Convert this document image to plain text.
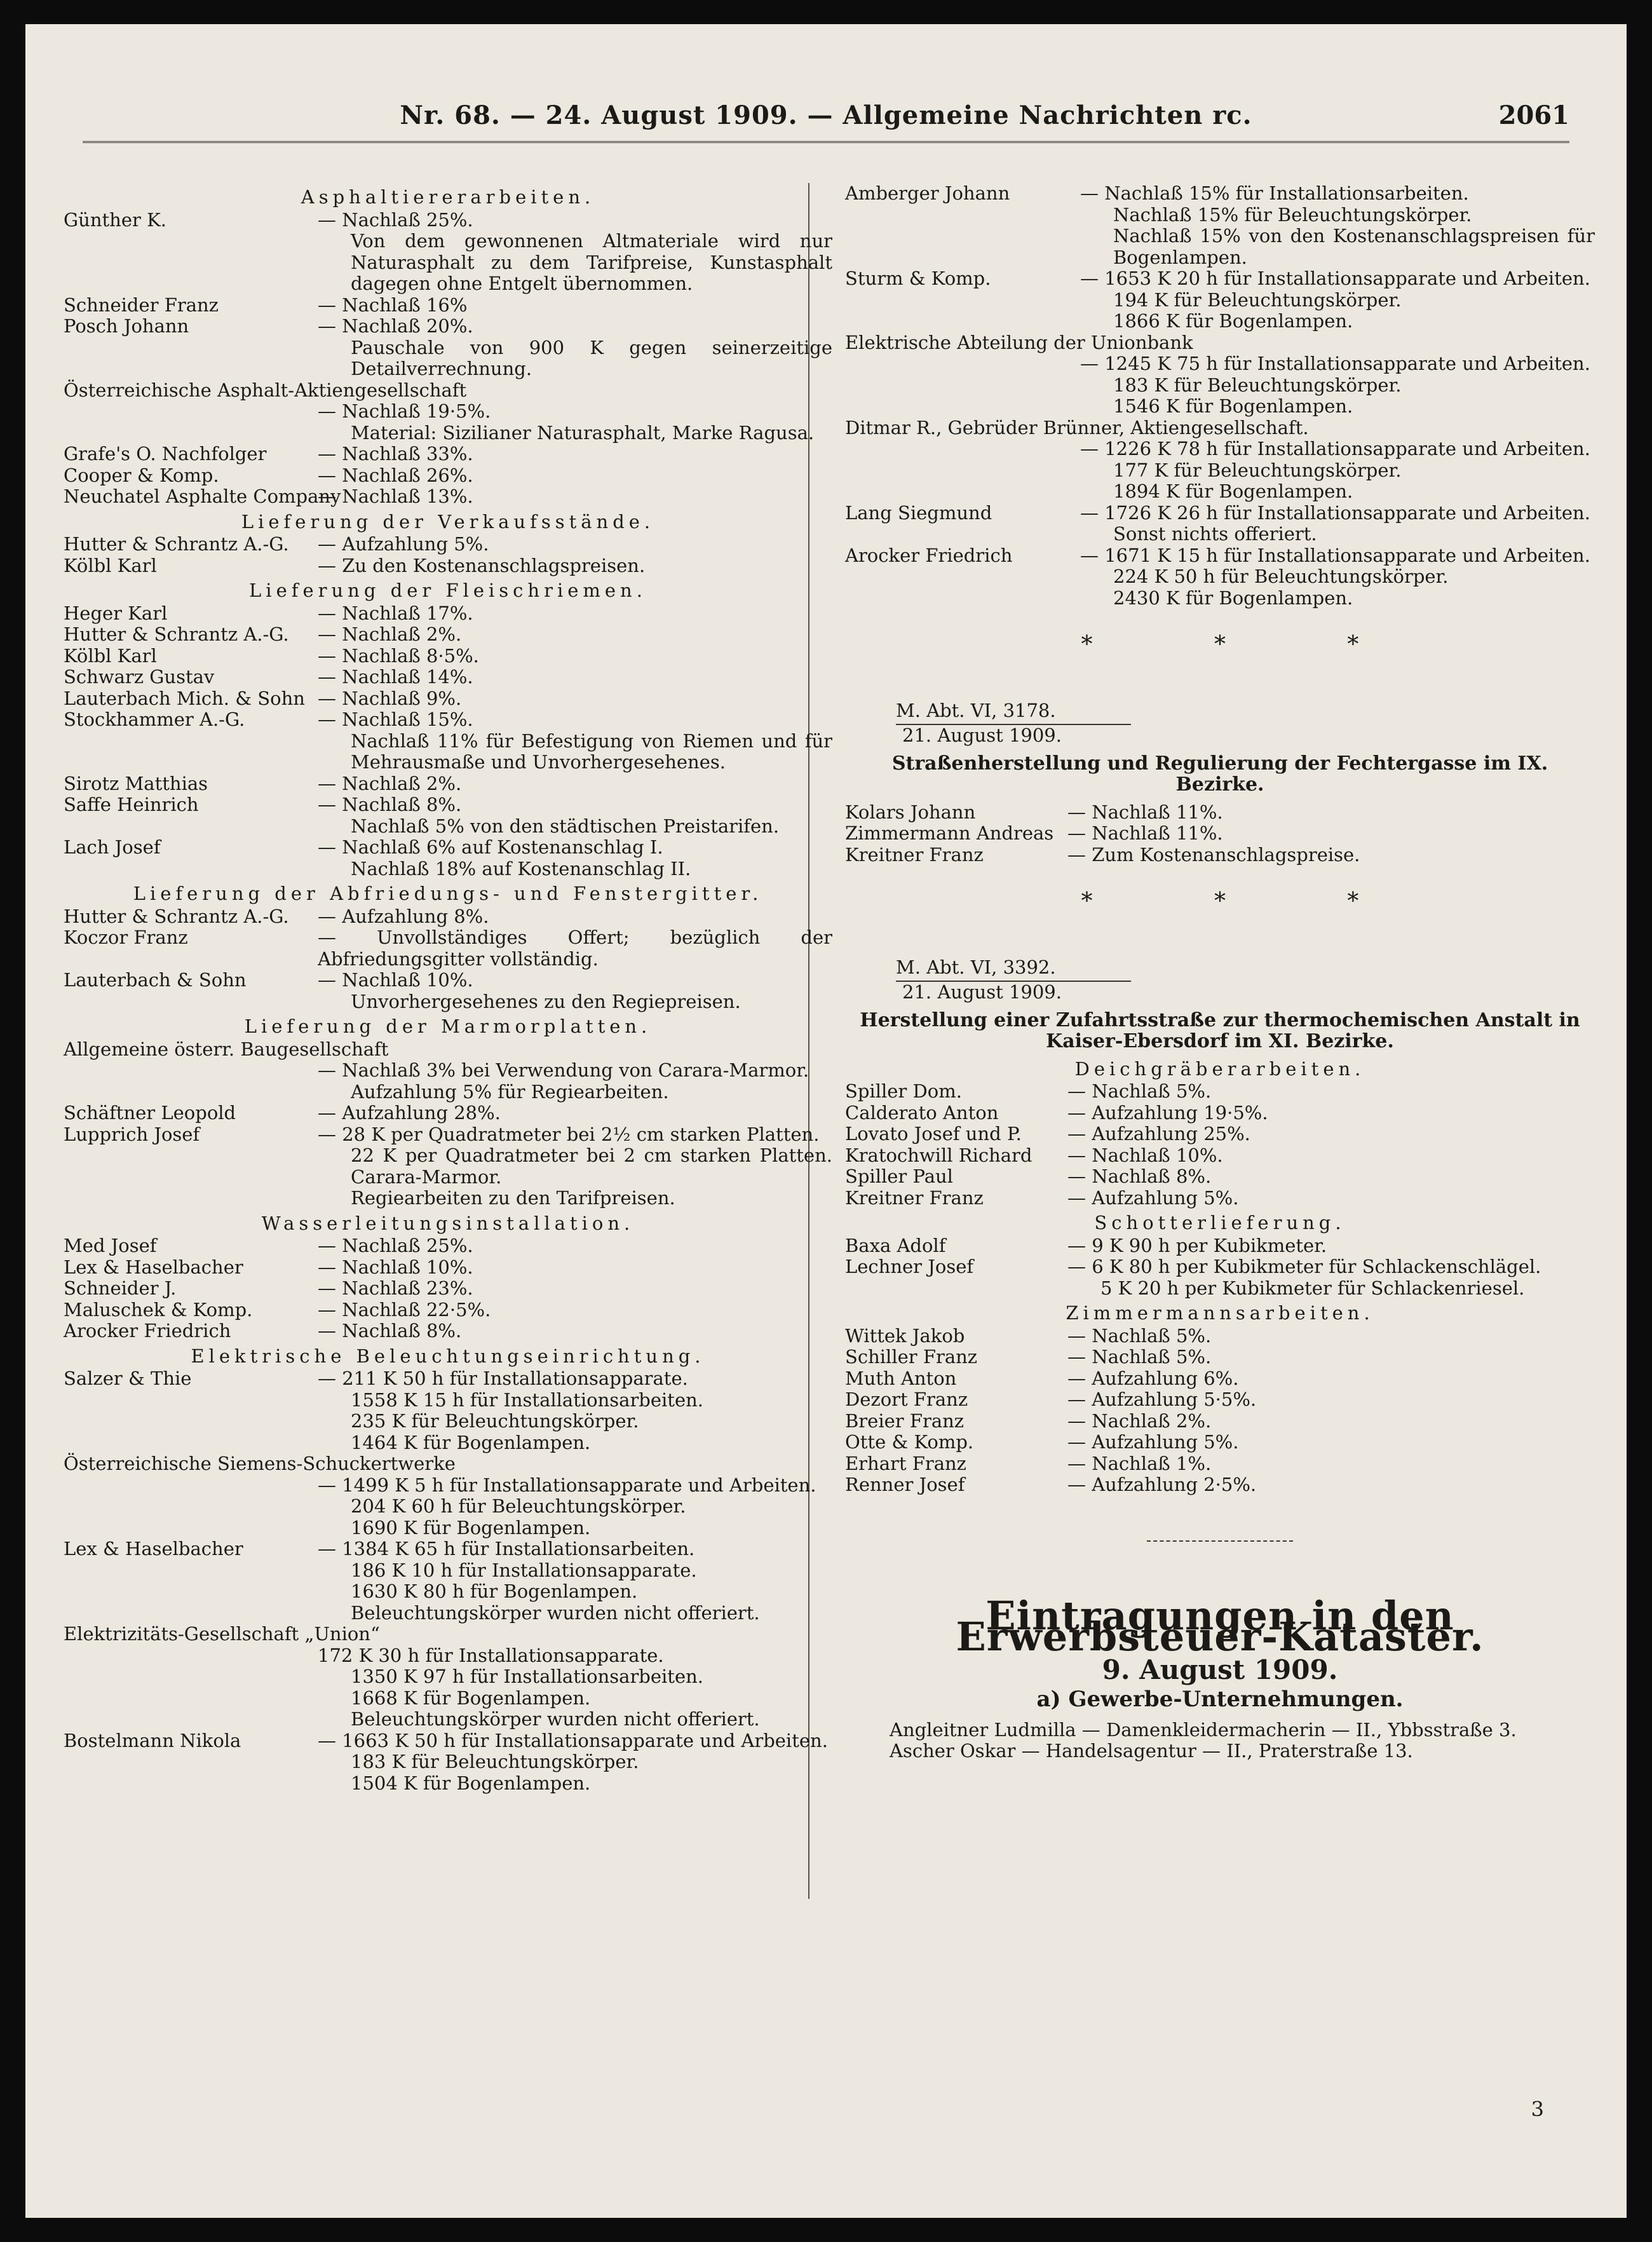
Nr. 68. — 24. August 1909. — Allgemeine Nachrichten rc.	2061
Asphaltiererarbeiten.
Günther K.	— Nachlaß 25%.
Von dem gewonnenen Altmateriale wird nur Naturasphalt zu dem Tarifpreise, Kunstasphalt dagegen ohne Entgelt übernommen.
Schneider Franz	— Nachlaß 16%
Posch Johann	— Nachlaß 20%.
Pauschale von 900 K gegen seinerzeitige Detailverrechnung.
Österreichische Asphalt-Aktiengesellschaft
— Nachlaß 19·5%.
Material: Sizilianer Naturasphalt, Marke Ragusa.
Grafe's O. Nachfolger	— Nachlaß 33%.
Cooper & Komp.	— Nachlaß 26%.
Neuchatel Asphalte Company
— Nachlaß 13%.
Lieferung der Verkaufsstände.
Hutter & Schrantz A.-G. — Aufzahlung 5%.
Kölbl Karl	— Zu den Kostenanschlagspreisen.
Lieferung der Fleischriemen.
Heger Karl	— Nachlaß 17%.
Hutter & Schrantz A.-G. — Nachlaß 2%.
Kölbl Karl	— Nachlaß 8·5%.
Schwarz Gustav	— Nachlaß 14%.
Lauterbach Mich. & Sohn — Nachlaß 9%.
Stockhammer A.-G.	— Nachlaß 15%.
Nachlaß 11% für Befestigung von Riemen und für Mehrausmaße und Unvorhergesehenes.
Sirotz Matthias	— Nachlaß 2%.
Saffe Heinrich	— Nachlaß 8%.
Nachlaß 5% von den städtischen Preistarifen.
Lach Josef	— Nachlaß 6% auf Kostenanschlag I.
Nachlaß 18% auf Kostenanschlag II.
Lieferung der Abfriedungs- und Fenstergitter.
Hutter & Schrantz A.-G. — Aufzahlung 8%.
Koczor Franz	— Unvollständiges Offert; bezüglich der Abfriedungsgitter vollständig.
Lauterbach & Sohn	— Nachlaß 10%.
Unvorhergesehenes zu den Regiepreisen.
Lieferung der Marmorplatten.
Allgemeine österr. Baugesellschaft
— Nachlaß 3% bei Verwendung von Carara-Marmor.
Aufzahlung 5% für Regiearbeiten.
Schäftner Leopold	— Aufzahlung 28%.
Lupprich Josef	— 28 K per Quadratmeter bei 2½ cm starken Platten.
22 K per Quadratmeter bei 2 cm starken Platten. Carara-Marmor.
Regiearbeiten zu den Tarifpreisen.
Wasserleitungsinstallation.
Med Josef	— Nachlaß 25%.
Lex & Haselbacher	— Nachlaß 10%.
Schneider J.	— Nachlaß 23%.
Maluschek & Komp.	— Nachlaß 22·5%.
Arocker Friedrich	— Nachlaß 8%.
Elektrische Beleuchtungseinrichtung.
Salzer & Thie	— 211 K 50 h für Installationsapparate.
1558 K 15 h für Installationsarbeiten.
235 K für Beleuchtungskörper.
1464 K für Bogenlampen.
Österreichische Siemens-Schuckertwerke
— 1499 K 5 h für Installationsapparate und Arbeiten.
204 K 60 h für Beleuchtungskörper.
1690 K für Bogenlampen.
Lex & Haselbacher	— 1384 K 65 h für Installationsarbeiten.
186 K 10 h für Installationsapparate.
1630 K 80 h für Bogenlampen.
Beleuchtungskörper wurden nicht offeriert.
Elektrizitäts-Gesellschaft „Union“
172 K 30 h für Installationsapparate.
1350 K 97 h für Installationsarbeiten.
1668 K für Bogenlampen.
Beleuchtungskörper wurden nicht offeriert.
Bostelmann Nikola	— 1663 K 50 h für Installationsapparate und Arbeiten.
183 K für Beleuchtungskörper.
1504 K für Bogenlampen.
Amberger Johann	— Nachlaß 15% für Installationsarbeiten.
Nachlaß 15% für Beleuchtungskörper.
Nachlaß 15% von den Kostenanschlagspreisen für Bogenlampen.
Sturm & Komp.	— 1653 K 20 h für Installationsapparate und Arbeiten.
194 K für Beleuchtungskörper.
1866 K für Bogenlampen.
Elektrische Abteilung der Unionbank
— 1245 K 75 h für Installationsapparate und Arbeiten.
183 K für Beleuchtungskörper.
1546 K für Bogenlampen.
Ditmar R., Gebrüder Brünner, Aktiengesellschaft.
— 1226 K 78 h für Installationsapparate und Arbeiten.
177 K für Beleuchtungskörper.
1894 K für Bogenlampen.
Lang Siegmund	— 1726 K 26 h für Installationsapparate und Arbeiten.
Sonst nichts offeriert.
Arocker Friedrich	— 1671 K 15 h für Installationsapparate und Arbeiten.
224 K 50 h für Beleuchtungskörper.
2430 K für Bogenlampen.
* * *
M. Abt. VI, 3178.
21. August 1909.
Straßenherstellung und Regulierung der Fechtergasse im IX. Bezirke.
Kolars Johann	— Nachlaß 11%.
Zimmermann Andreas — Nachlaß 11%.
Kreitner Franz	— Zum Kostenanschlagspreise.
* * *
M. Abt. VI, 3392.
21. August 1909.
Herstellung einer Zufahrtsstraße zur thermochemischen Anstalt in Kaiser-Ebersdorf im XI. Bezirke.
Deichgräberarbeiten.
Spiller Dom.	— Nachlaß 5%.
Calderato Anton	— Aufzahlung 19·5%.
Lovato Josef und P. — Aufzahlung 25%.
Kratochwill Richard — Nachlaß 10%.
Spiller Paul	— Nachlaß 8%.
Kreitner Franz	— Aufzahlung 5%.
Schotterlieferung.
Baxa Adolf	— 9 K 90 h per Kubikmeter.
Lechner Josef	— 6 K 80 h per Kubikmeter für Schlackenschlägel.
5 K 20 h per Kubikmeter für Schlackenriesel.
Zimmermannsarbeiten.
Wittek Jakob	— Nachlaß 5%.
Schiller Franz	— Nachlaß 5%.
Muth Anton	— Aufzahlung 6%.
Dezort Franz	— Aufzahlung 5·5%.
Breier Franz	— Nachlaß 2%.
Otte & Komp.	— Aufzahlung 5%.
Erhart Franz	— Nachlaß 1%.
Renner Josef	— Aufzahlung 2·5%.
Eintragungen in den Erwerbsteuer-Kataster.
9. August 1909.
a) Gewerbe-Unternehmungen.
Angleitner Ludmilla — Damenkleidermacherin — II., Ybbsstraße 3.
Ascher Oskar — Handelsagentur — II., Praterstraße 13.
3
